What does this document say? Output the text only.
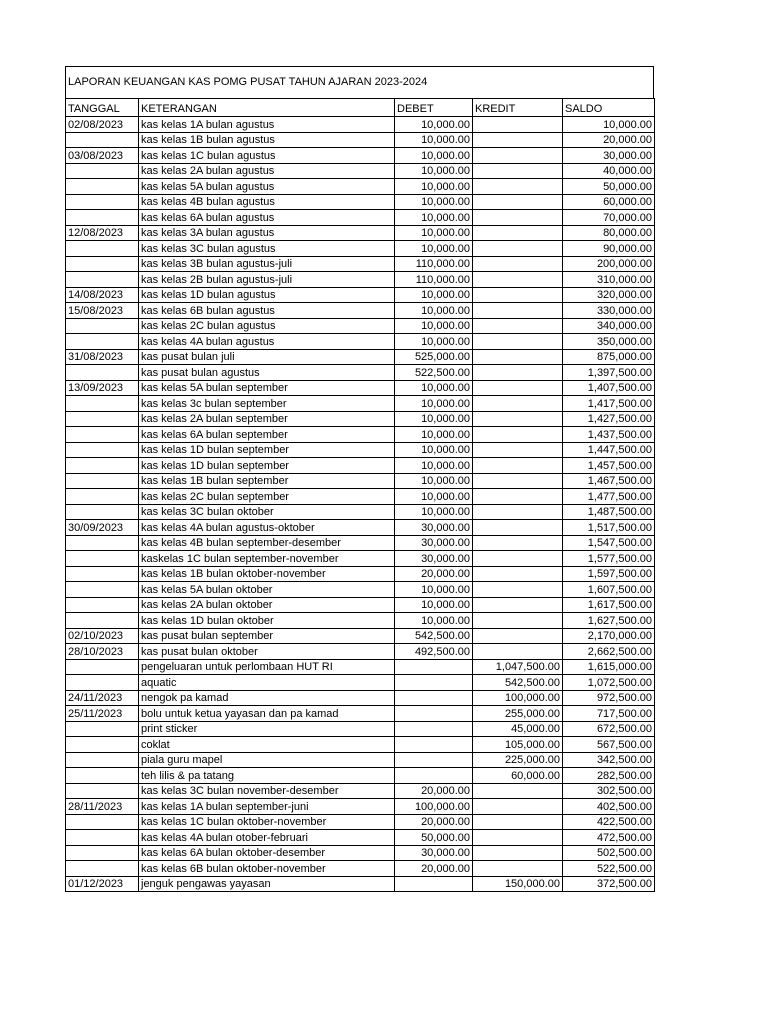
LAPORAN KEUANGAN KAS POMG PUSAT TAHUN AJARAN 2023-2024
TANGGAL	KETERANGAN	DEBET	KREDIT	SALDO
02/08/2023	kas kelas 1A bulan agustus	10,000.00		10,000.00
	kas kelas 1B bulan agustus	10,000.00		20,000.00
03/08/2023	kas kelas 1C bulan agustus	10,000.00		30,000.00
	kas kelas 2A bulan agustus	10,000.00		40,000.00
	kas kelas 5A bulan agustus	10,000.00		50,000.00
	kas kelas 4B bulan agustus	10,000.00		60,000.00
	kas kelas 6A bulan agustus	10,000.00		70,000.00
12/08/2023	kas kelas 3A bulan agustus	10,000.00		80,000.00
	kas kelas 3C bulan agustus	10,000.00		90,000.00
	kas kelas 3B bulan agustus-juli	110,000.00		200,000.00
	kas kelas 2B bulan agustus-juli	110,000.00		310,000.00
14/08/2023	kas kelas 1D bulan agustus	10,000.00		320,000.00
15/08/2023	kas kelas 6B bulan agustus	10,000.00		330,000.00
	kas kelas 2C bulan agustus	10,000.00		340,000.00
	kas kelas 4A bulan agustus	10,000.00		350,000.00
31/08/2023	kas pusat bulan juli	525,000.00		875,000.00
	kas pusat bulan agustus	522,500.00		1,397,500.00
13/09/2023	kas kelas 5A bulan september	10,000.00		1,407,500.00
	kas kelas 3c bulan september	10,000.00		1,417,500.00
	kas kelas 2A bulan september	10,000.00		1,427,500.00
	kas kelas 6A bulan september	10,000.00		1,437,500.00
	kas kelas 1D bulan september	10,000.00		1,447,500.00
	kas kelas 1D bulan september	10,000.00		1,457,500.00
	kas kelas 1B bulan september	10,000.00		1,467,500.00
	kas kelas 2C bulan september	10,000.00		1,477,500.00
	kas kelas 3C bulan oktober	10,000.00		1,487,500.00
30/09/2023	kas kelas 4A bulan agustus-oktober	30,000.00		1,517,500.00
	kas kelas 4B bulan september-desember	30,000.00		1,547,500.00
	kaskelas 1C bulan september-november	30,000.00		1,577,500.00
	kas kelas 1B bulan oktober-november	20,000.00		1,597,500.00
	kas kelas 5A bulan oktober	10,000.00		1,607,500.00
	kas kelas 2A bulan oktober	10,000.00		1,617,500.00
	kas kelas 1D bulan oktober	10,000.00		1,627,500.00
02/10/2023	kas pusat bulan september	542,500.00		2,170,000.00
28/10/2023	kas pusat bulan oktober	492,500.00		2,662,500.00
	pengeluaran untuk perlombaan HUT RI		1,047,500.00	1,615,000.00
	aquatic		542,500.00	1,072,500.00
24/11/2023	nengok pa kamad		100,000.00	972,500.00
25/11/2023	bolu untuk ketua yayasan dan pa kamad		255,000.00	717,500.00
	print sticker		45,000.00	672,500.00
	coklat		105,000.00	567,500.00
	piala guru mapel		225,000.00	342,500.00
	teh lilis & pa tatang		60,000.00	282,500.00
	kas kelas 3C bulan november-desember	20,000.00		302,500.00
28/11/2023	kas kelas 1A bulan september-juni	100,000.00		402,500.00
	kas kelas 1C bulan oktober-november	20,000.00		422,500.00
	kas kelas 4A bulan otober-februari	50,000.00		472,500.00
	kas kelas 6A bulan oktober-desember	30,000.00		502,500.00
	kas kelas 6B bulan oktober-november	20,000.00		522,500.00
01/12/2023	jenguk pengawas yayasan		150,000.00	372,500.00
